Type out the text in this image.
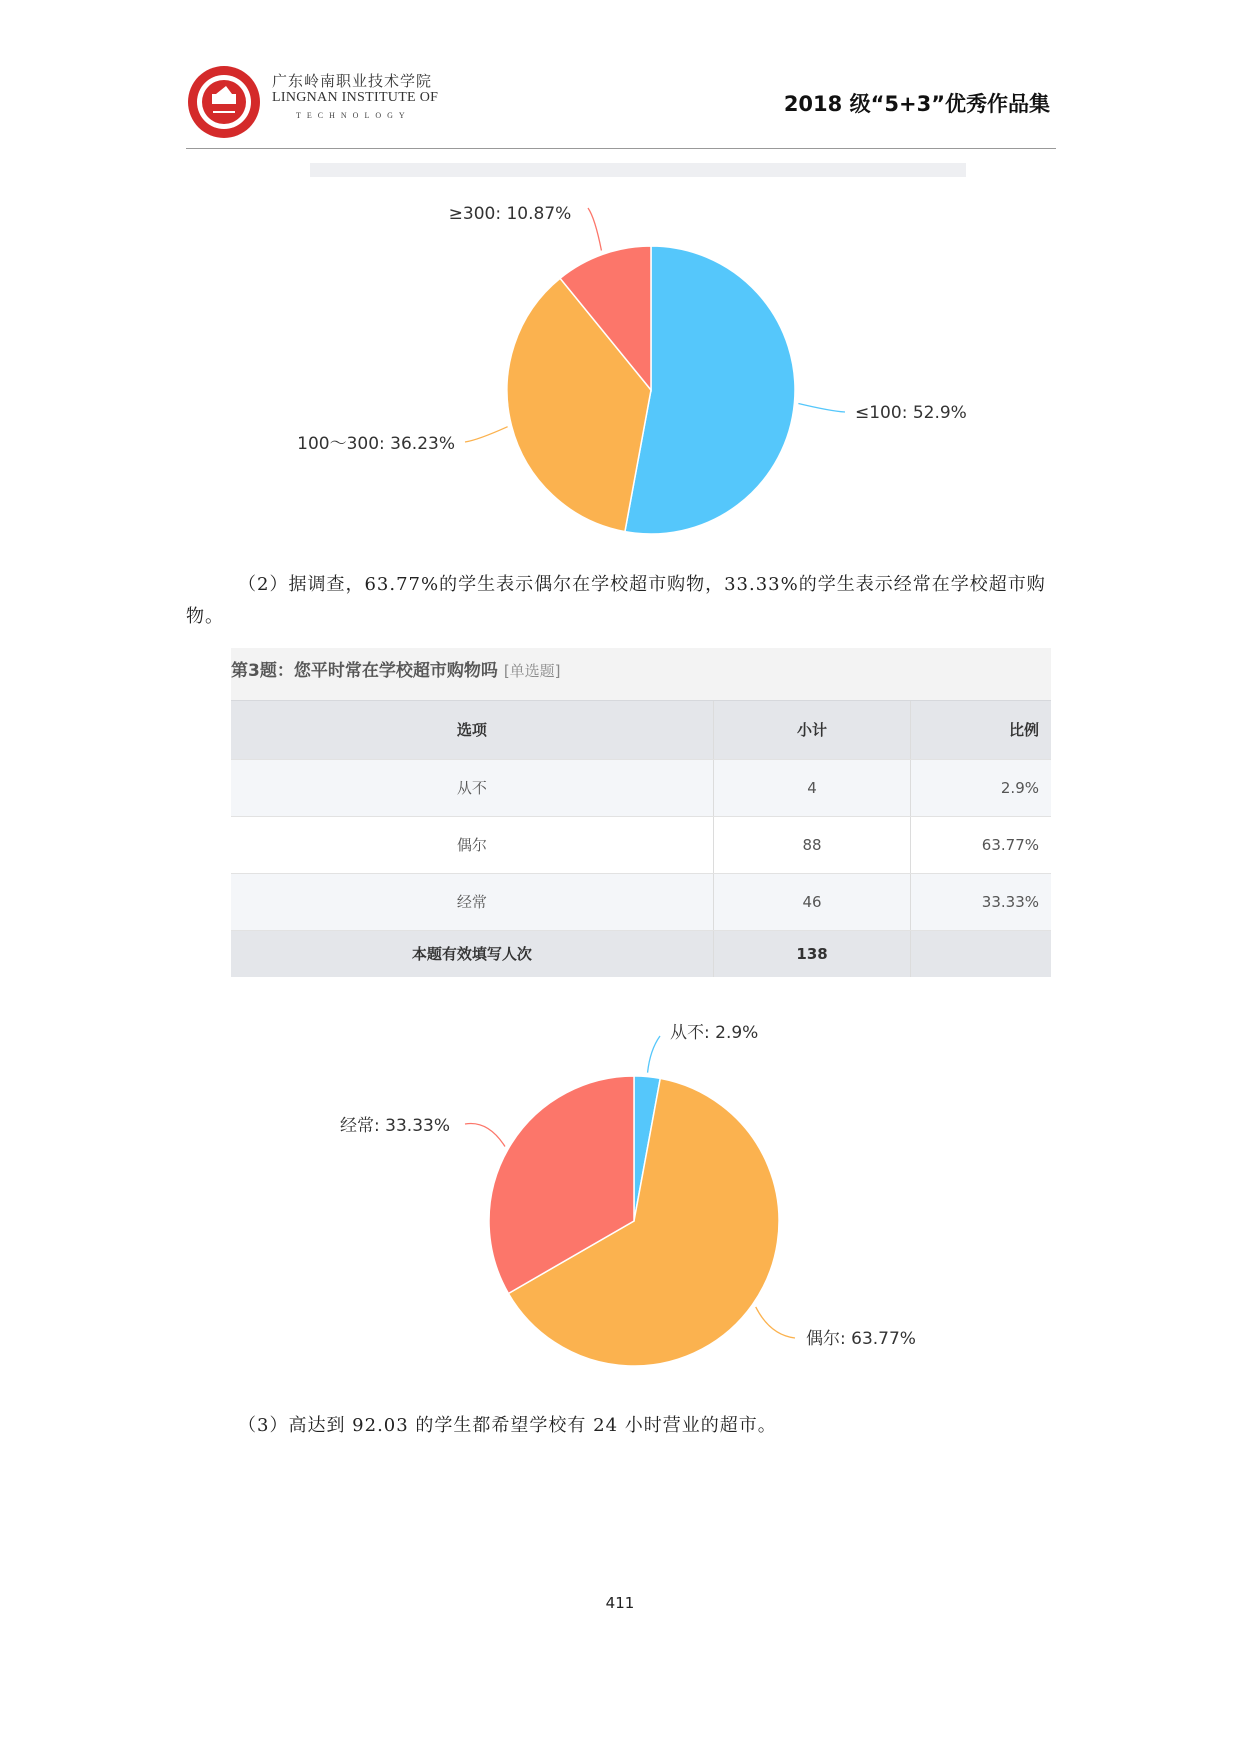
广东岭南职业技术学院
LINGNAN INSTITUTE OF
TECHNOLOGY	2018 级“5+3”优秀作品集
≤100: 52.9%
100～300: 36.23%
≥300: 10.87%

（2）据调查，63.77%的学生表示偶尔在学校超市购物，33.33%的学生表示经常在学校超市购物。

第3题：您平时常在学校超市购物吗 [单选题]
选项	小计	比例
从不	4	2.9%
偶尔	88	63.77%
经常	46	33.33%
本题有效填写人次	138
从不: 2.9%
偶尔: 63.77%
经常: 33.33%

（3）高达到 92.03 的学生都希望学校有 24 小时营业的超市。

411
